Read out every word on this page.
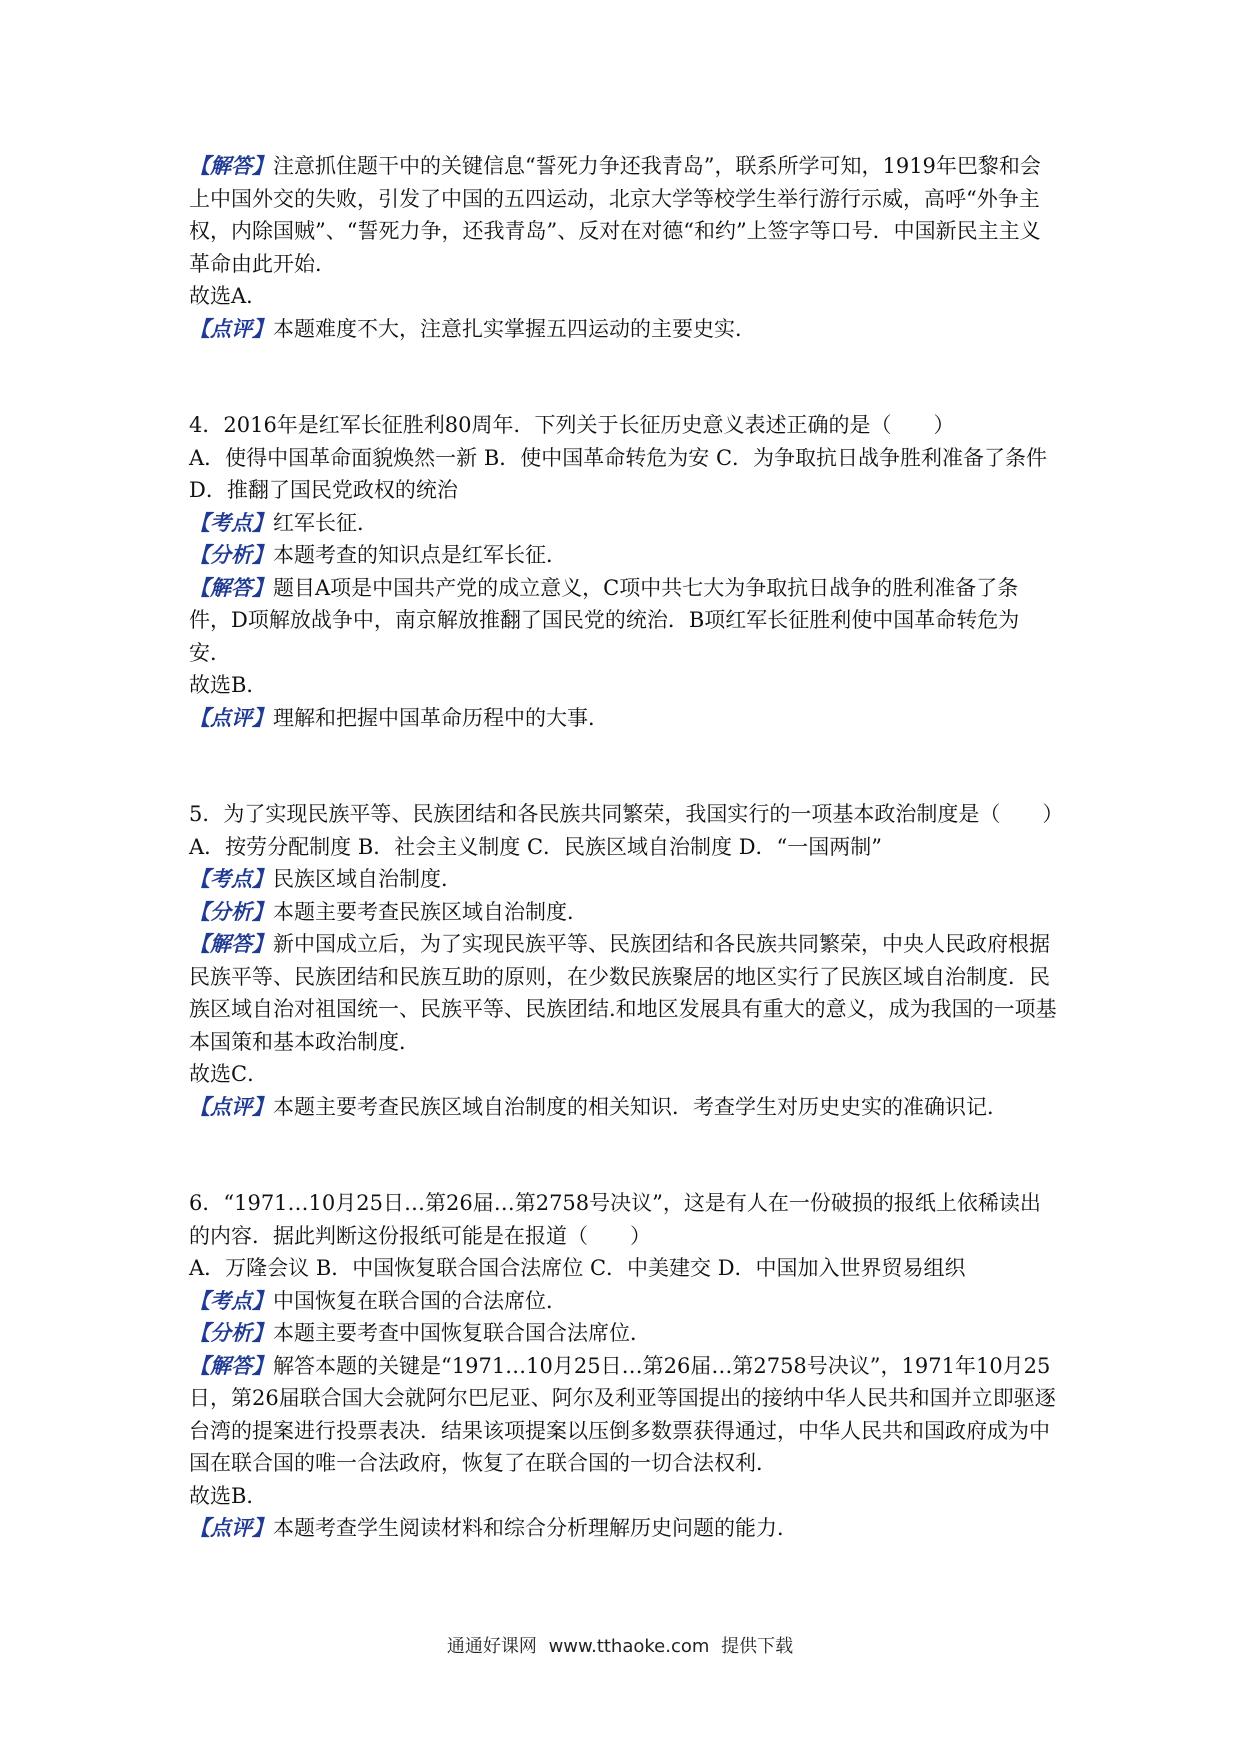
【解答】注意抓住题干中的关键信息“誓死力争还我青岛”，联系所学可知，1919年巴黎和会上中国外交的失败，引发了中国的五四运动，北京大学等校学生举行游行示威，高呼“外争主权，内除国贼”、“誓死力争，还我青岛”、反对在对德“和约”上签字等口号．中国新民主主义革命由此开始．
故选A．
【点评】本题难度不大，注意扎实掌握五四运动的主要史实．
4．2016年是红军长征胜利80周年．下列关于长征历史意义表述正确的是（　　）
A．使得中国革命面貌焕然一新 B．使中国革命转危为安 C．为争取抗日战争胜利准备了条件 D．推翻了国民党政权的统治
【考点】红军长征．
【分析】本题考查的知识点是红军长征．
【解答】题目A项是中国共产党的成立意义，C项中共七大为争取抗日战争的胜利准备了条件，D项解放战争中，南京解放推翻了国民党的统治．B项红军长征胜利使中国革命转危为安．
故选B．
【点评】理解和把握中国革命历程中的大事．
5．为了实现民族平等、民族团结和各民族共同繁荣，我国实行的一项基本政治制度是（　　）
A．按劳分配制度 B．社会主义制度 C．民族区域自治制度 D．“一国两制”
【考点】民族区域自治制度．
【分析】本题主要考查民族区域自治制度．
【解答】新中国成立后，为了实现民族平等、民族团结和各民族共同繁荣，中央人民政府根据民族平等、民族团结和民族互助的原则，在少数民族聚居的地区实行了民族区域自治制度．民族区域自治对祖国统一、民族平等、民族团结.和地区发展具有重大的意义，成为我国的一项基本国策和基本政治制度．
故选C．
【点评】本题主要考查民族区域自治制度的相关知识．考查学生对历史史实的准确识记．
6．“1971…10月25日…第26届…第2758号决议”，这是有人在一份破损的报纸上依稀读出的内容．据此判断这份报纸可能是在报道（　　）
A．万隆会议 B．中国恢复联合国合法席位 C．中美建交 D．中国加入世界贸易组织
【考点】中国恢复在联合国的合法席位．
【分析】本题主要考查中国恢复联合国合法席位．
【解答】解答本题的关键是“1971…10月25日…第26届…第2758号决议”，1971年10月25日，第26届联合国大会就阿尔巴尼亚、阿尔及利亚等国提出的接纳中华人民共和国并立即驱逐台湾的提案进行投票表决．结果该项提案以压倒多数票获得通过，中华人民共和国政府成为中国在联合国的唯一合法政府，恢复了在联合国的一切合法权利．
故选B．
【点评】本题考查学生阅读材料和综合分析理解历史问题的能力．
通通好课网 www.tthaoke.com 提供下载
